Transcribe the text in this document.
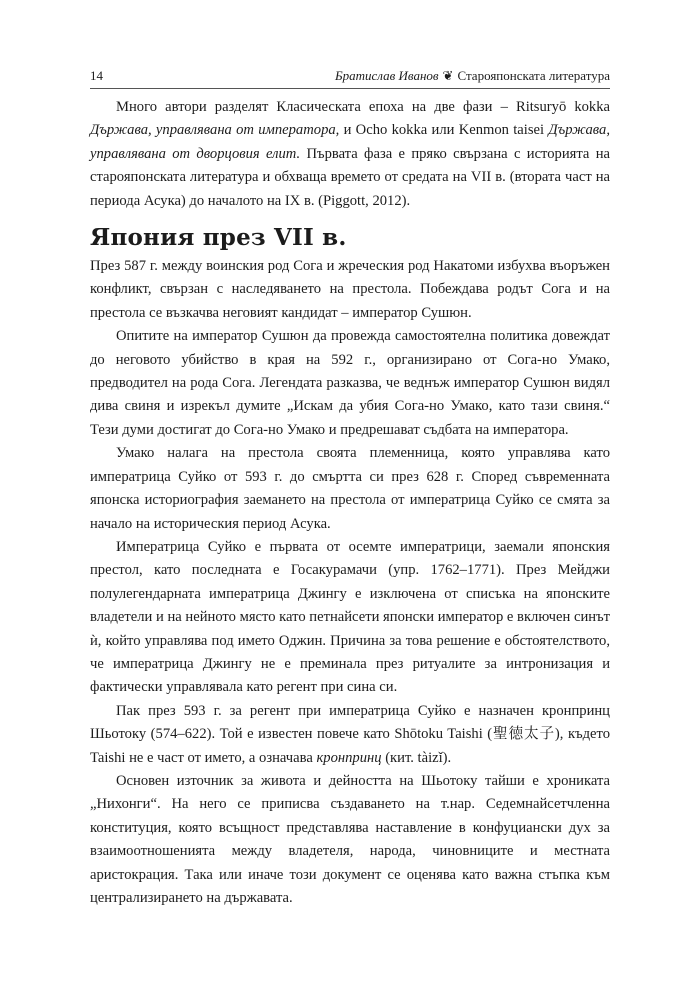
14	Братислав Иванов ❦ Старояпонската литература

Много автори разделят Класическата епоха на две фази – Ritsuryō kokka Държава, управлявана от императора, и Ocho kokka или Kenmon taisei Държава, управлявана от дворцовия елит. Първата фаза е пряко свързана с историята на старояпонската литература и обхваща времето от средата на VII в. (втората част на периода Асука) до началото на IX в. (Piggott, 2012).

Япония през VII в.

През 587 г. между воинския род Сога и жреческия род Накатоми избухва въоръжен конфликт, свързан с наследяването на престола. Побеждава родът Сога и на престола се възкачва неговият кандидат – император Сушюн.

Опитите на император Сушюн да провежда самостоятелна политика довеждат до неговото убийство в края на 592 г., организирано от Сога-но Умако, предводител на рода Сога. Легендата разказва, че веднъж император Сушюн видял дива свиня и изрекъл думите „Искам да убия Сога-но Умако, като тази свиня.“ Тези думи достигат до Сога-но Умако и предрешават съдбата на императора.

Умако налага на престола своята племенница, която управлява като императрица Суйко от 593 г. до смъртта си през 628 г. Според съвременната японска историография заемането на престола от императрица Суйко се смята за начало на историческия период Асука.

Императрица Суйко е първата от осемте императрици, заемали японския престол, като последната е Госакурамачи (упр. 1762–1771). През Мейджи полулегендарната императрица Джингу е изключена от списъка на японските владетели и на нейното място като петнайсети японски император е включен синът ѝ, който управлява под името Оджин. Причина за това решение е обстоятелството, че императрица Джингу не е преминала през ритуалите за интронизация и фактически управлявала като регент при сина си.

Пак през 593 г. за регент при императрица Суйко е назначен кронпринц Шьотоку (574–622). Той е известен повече като Shōtoku Taishi (聖徳太子), където Taishi не е част от името, а означава кронпринц (кит. tàizǐ).

Основен източник за живота и дейността на Шьотоку тайши е хрониката „Нихонги“. На него се приписва създаването на т.нар. Седемнайсетчленна конституция, която всъщност представлява наставление в конфуциански дух за взаимоотношенията между владетеля, народа, чиновниците и местната аристокрация. Така или иначе този документ се оценява като важна стъпка към централизирането на държавата.
